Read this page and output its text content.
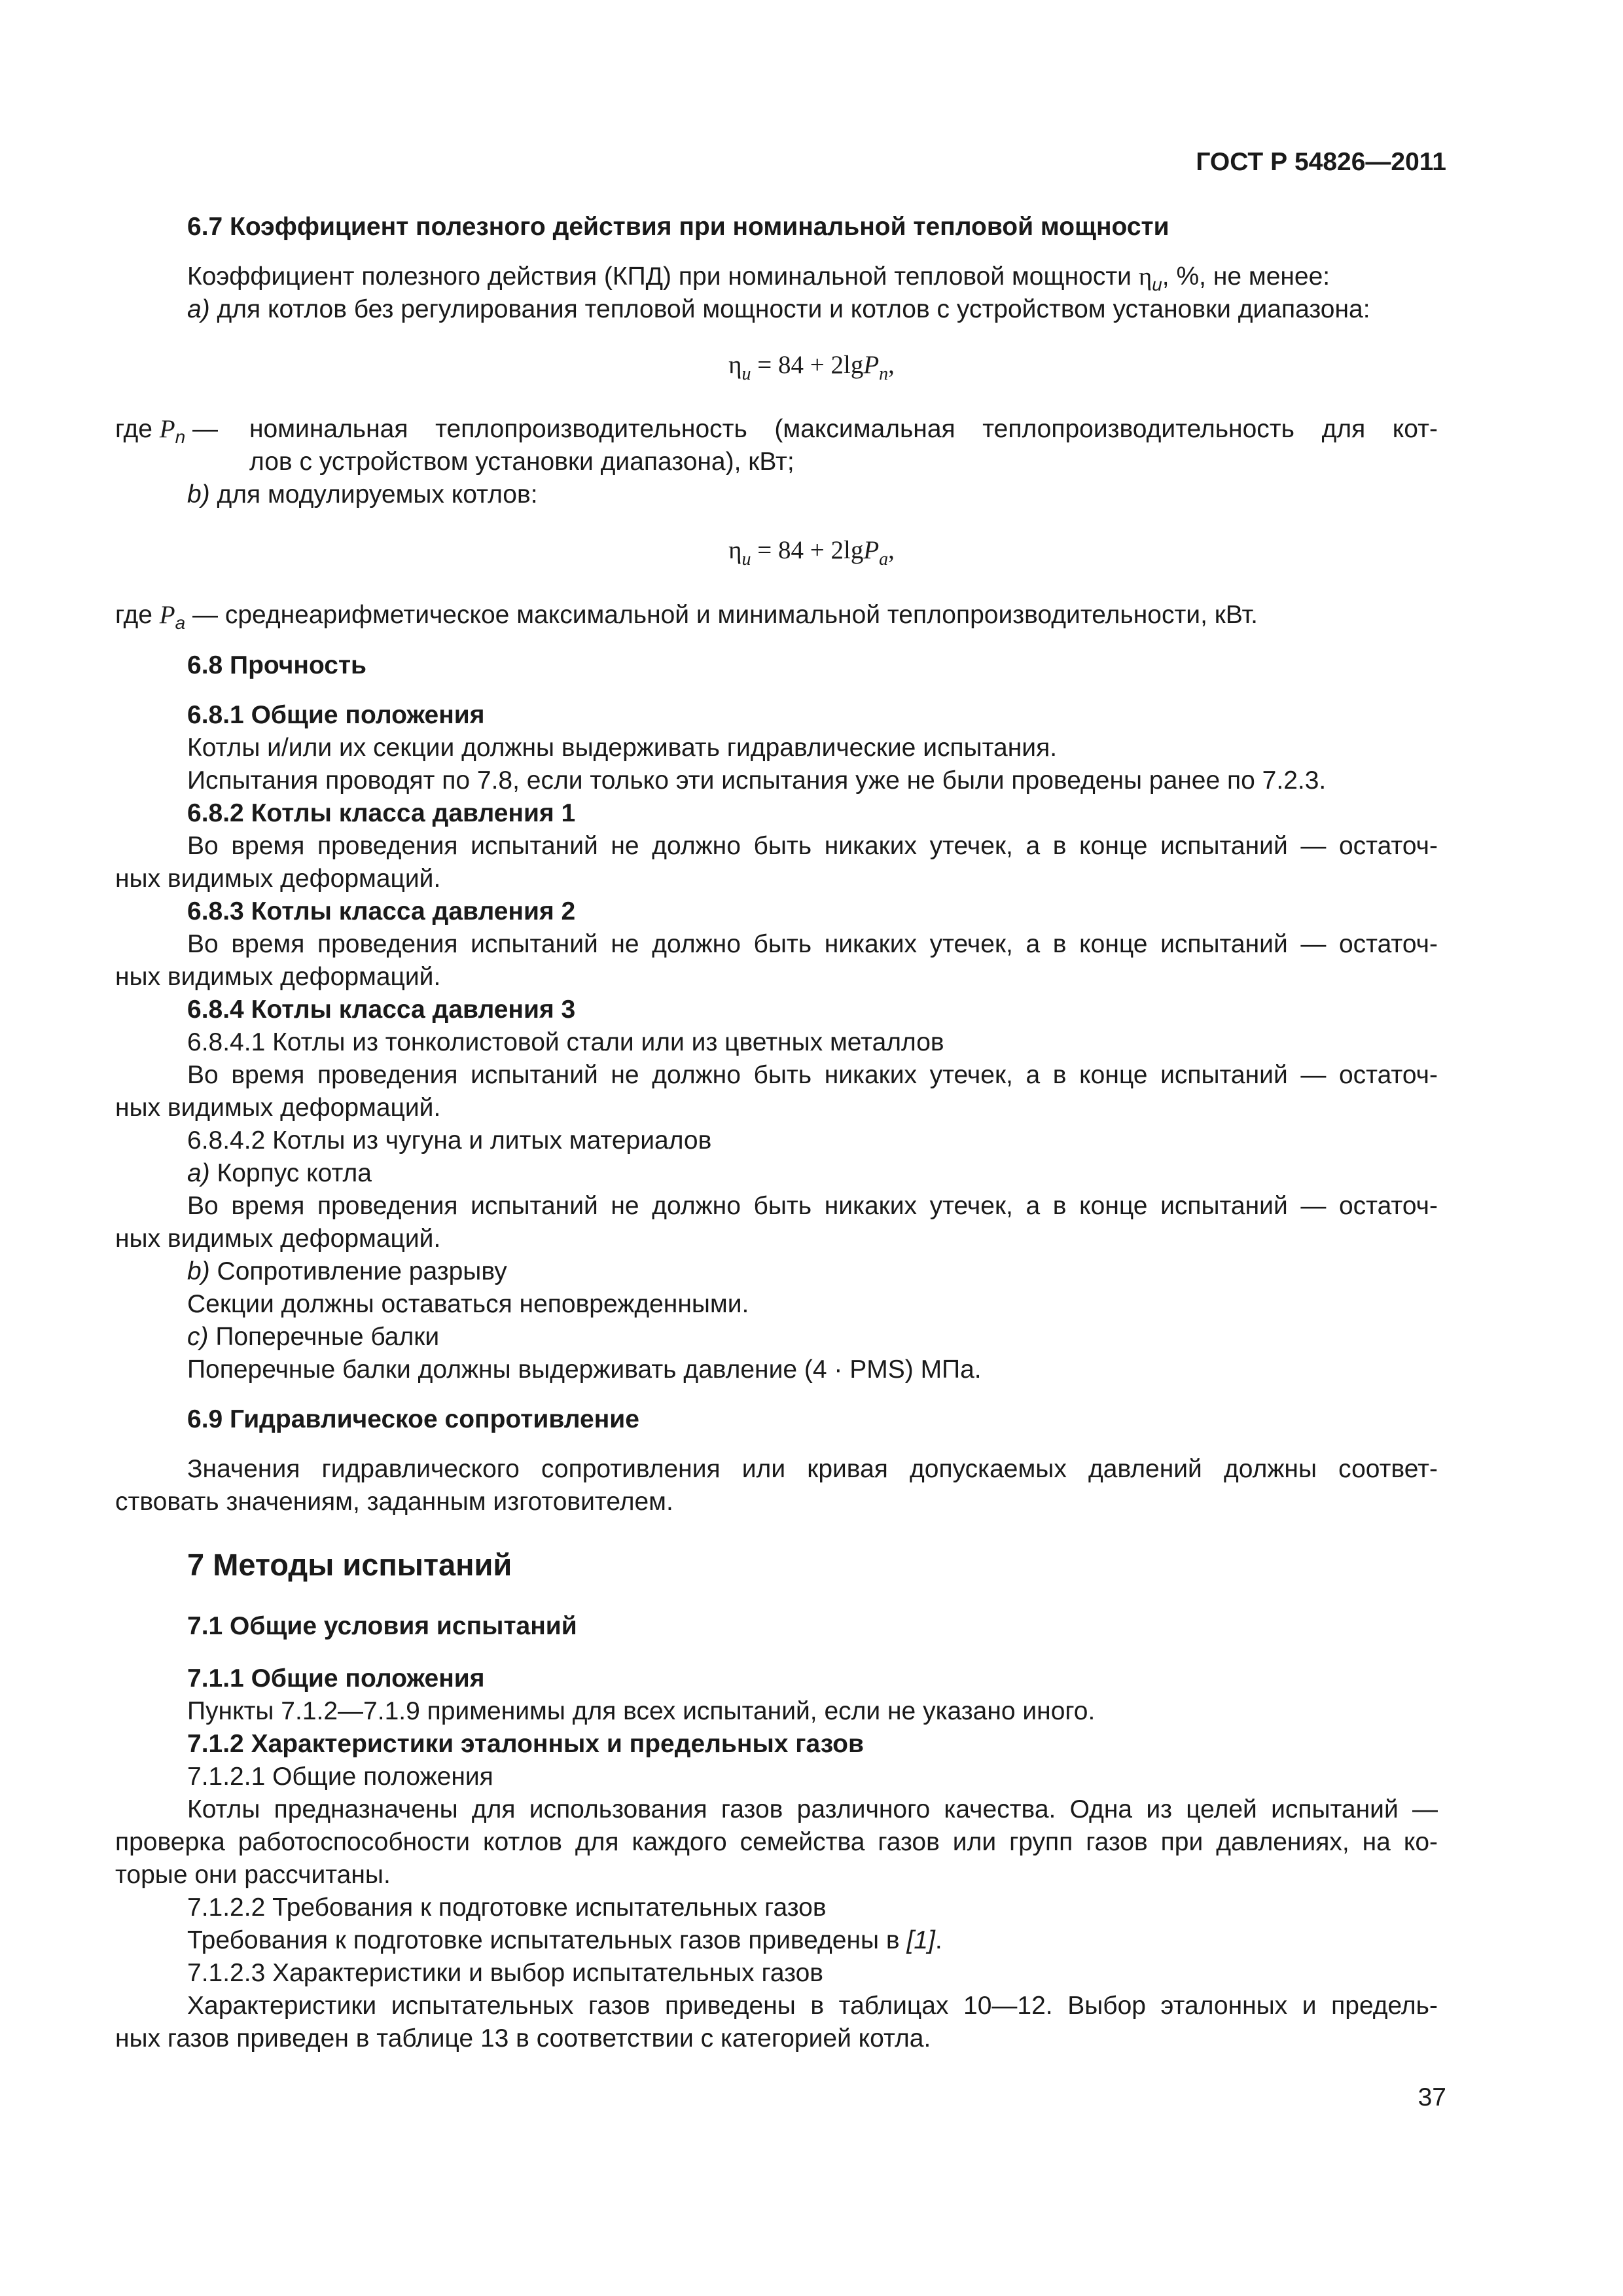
ГОСТ Р 54826—2011
6.7 Коэффициент полезного действия при номинальной тепловой мощности
Коэффициент полезного действия (КПД) при номинальной тепловой мощности $\eta_u$, %, не менее:
a) для котлов без регулирования тепловой мощности и котлов с устройством установки диапазона:
$\eta_u = 84 + 2\lg P_n$,
где $P_n$ — номинальная теплопроизводительность (максимальная теплопроизводительность для кот-
лов с устройством установки диапазона), кВт;
b) для модулируемых котлов:
$\eta_u = 84 + 2\lg P_a$,
где $P_a$ — среднеарифметическое максимальной и минимальной теплопроизводительности, кВт.
6.8 Прочность
6.8.1 Общие положения
Котлы и/или их секции должны выдерживать гидравлические испытания.
Испытания проводят по 7.8, если только эти испытания уже не были проведены ранее по 7.2.3.
6.8.2 Котлы класса давления 1
Во время проведения испытаний не должно быть никаких утечек, а в конце испытаний — остаточ-
ных видимых деформаций.
6.8.3 Котлы класса давления 2
Во время проведения испытаний не должно быть никаких утечек, а в конце испытаний — остаточ-
ных видимых деформаций.
6.8.4 Котлы класса давления 3
6.8.4.1 Котлы из тонколистовой стали или из цветных металлов
Во время проведения испытаний не должно быть никаких утечек, а в конце испытаний — остаточ-
ных видимых деформаций.
6.8.4.2 Котлы из чугуна и литых материалов
a) Корпус котла
Во время проведения испытаний не должно быть никаких утечек, а в конце испытаний — остаточ-
ных видимых деформаций.
b) Сопротивление разрыву
Секции должны оставаться неповрежденными.
c) Поперечные балки
Поперечные балки должны выдерживать давление (4 · PMS) МПа.
6.9 Гидравлическое сопротивление
Значения гидравлического сопротивления или кривая допускаемых давлений должны соответ-
ствовать значениям, заданным изготовителем.
7 Методы испытаний
7.1 Общие условия испытаний
7.1.1 Общие положения
Пункты 7.1.2—7.1.9 применимы для всех испытаний, если не указано иного.
7.1.2 Характеристики эталонных и предельных газов
7.1.2.1 Общие положения
Котлы предназначены для использования газов различного качества. Одна из целей испытаний —
проверка работоспособности котлов для каждого семейства газов или групп газов при давлениях, на ко-
торые они рассчитаны.
7.1.2.2 Требования к подготовке испытательных газов
Требования к подготовке испытательных газов приведены в [1].
7.1.2.3 Характеристики и выбор испытательных газов
Характеристики испытательных газов приведены в таблицах 10—12. Выбор эталонных и предель-
ных газов приведен в таблице 13 в соответствии с категорией котла.
37
